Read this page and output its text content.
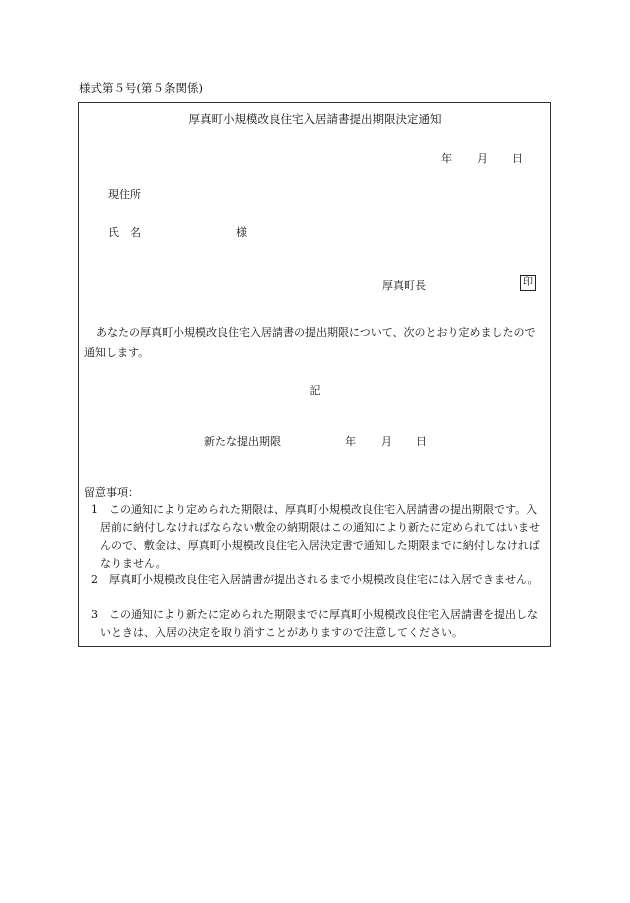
様式第５号(第５条関係)
厚真町小規模改良住宅入居請書提出期限決定通知
年 月 日
現住所
氏　名	様
厚真町長	印
あなたの厚真町小規模改良住宅入居請書の提出期限について、次のとおり定めましたので通知します。
記
新たな提出期限	年 月 日
留意事項：
1　この通知により定められた期限は、厚真町小規模改良住宅入居請書の提出期限です。入居前に納付しなければならない敷金の納期限はこの通知により新たに定められてはいませんので、敷金は、厚真町小規模改良住宅入居決定書で通知した期限までに納付しなければなりません。
2　厚真町小規模改良住宅入居請書が提出されるまで小規模改良住宅には入居できません。
3　この通知により新たに定められた期限までに厚真町小規模改良住宅入居請書を提出しないときは、入居の決定を取り消すことがありますので注意してください。
